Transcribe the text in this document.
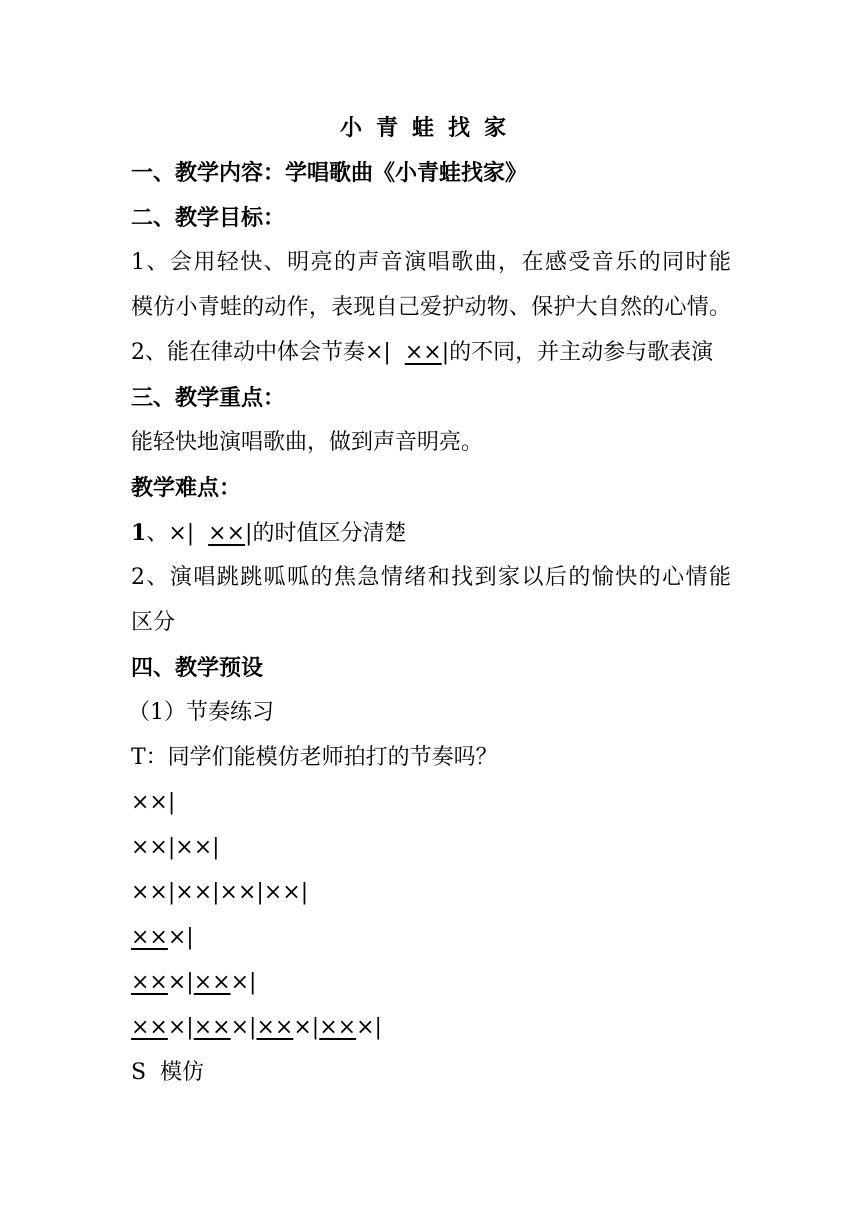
小青蛙找家
一、教学内容：学唱歌曲《小青蛙找家》
二、教学目标：
1、会用轻快、明亮的声音演唱歌曲，在感受音乐的同时能
模仿小青蛙的动作，表现自己爱护动物、保护大自然的心情。
2、能在律动中体会节奏×| ××|的不同，并主动参与歌表演
三、教学重点：
能轻快地演唱歌曲，做到声音明亮。
教学难点：
1、×| ××|的时值区分清楚
2、演唱跳跳呱呱的焦急情绪和找到家以后的愉快的心情能
区分
四、教学预设
（1）节奏练习
T：同学们能模仿老师拍打的节奏吗？
××|
××|××|
××|××|××|××|
×××|
×××|×××|
×××|×××|×××|×××|
S  模仿
